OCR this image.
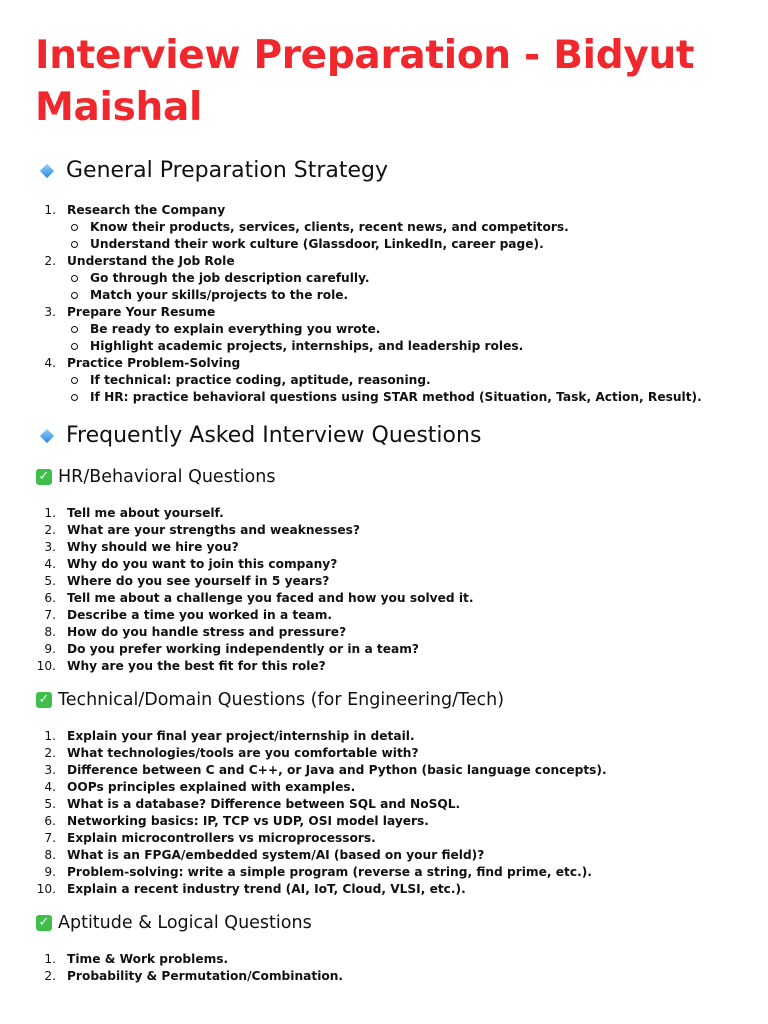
Interview Preparation - Bidyut Maishal
General Preparation Strategy
1. Research the Company
Know their products, services, clients, recent news, and competitors.
Understand their work culture (Glassdoor, LinkedIn, career page).
2. Understand the Job Role
Go through the job description carefully.
Match your skills/projects to the role.
3. Prepare Your Resume
Be ready to explain everything you wrote.
Highlight academic projects, internships, and leadership roles.
4. Practice Problem-Solving
If technical: practice coding, aptitude, reasoning.
If HR: practice behavioral questions using STAR method (Situation, Task, Action, Result).
Frequently Asked Interview Questions
✓ HR/Behavioral Questions
1. Tell me about yourself.
2. What are your strengths and weaknesses?
3. Why should we hire you?
4. Why do you want to join this company?
5. Where do you see yourself in 5 years?
6. Tell me about a challenge you faced and how you solved it.
7. Describe a time you worked in a team.
8. How do you handle stress and pressure?
9. Do you prefer working independently or in a team?
10. Why are you the best fit for this role?
✓ Technical/Domain Questions (for Engineering/Tech)
1. Explain your final year project/internship in detail.
2. What technologies/tools are you comfortable with?
3. Difference between C and C++, or Java and Python (basic language concepts).
4. OOPs principles explained with examples.
5. What is a database? Difference between SQL and NoSQL.
6. Networking basics: IP, TCP vs UDP, OSI model layers.
7. Explain microcontrollers vs microprocessors.
8. What is an FPGA/embedded system/AI (based on your field)?
9. Problem-solving: write a simple program (reverse a string, find prime, etc.).
10. Explain a recent industry trend (AI, IoT, Cloud, VLSI, etc.).
✓ Aptitude & Logical Questions
1. Time & Work problems.
2. Probability & Permutation/Combination.
